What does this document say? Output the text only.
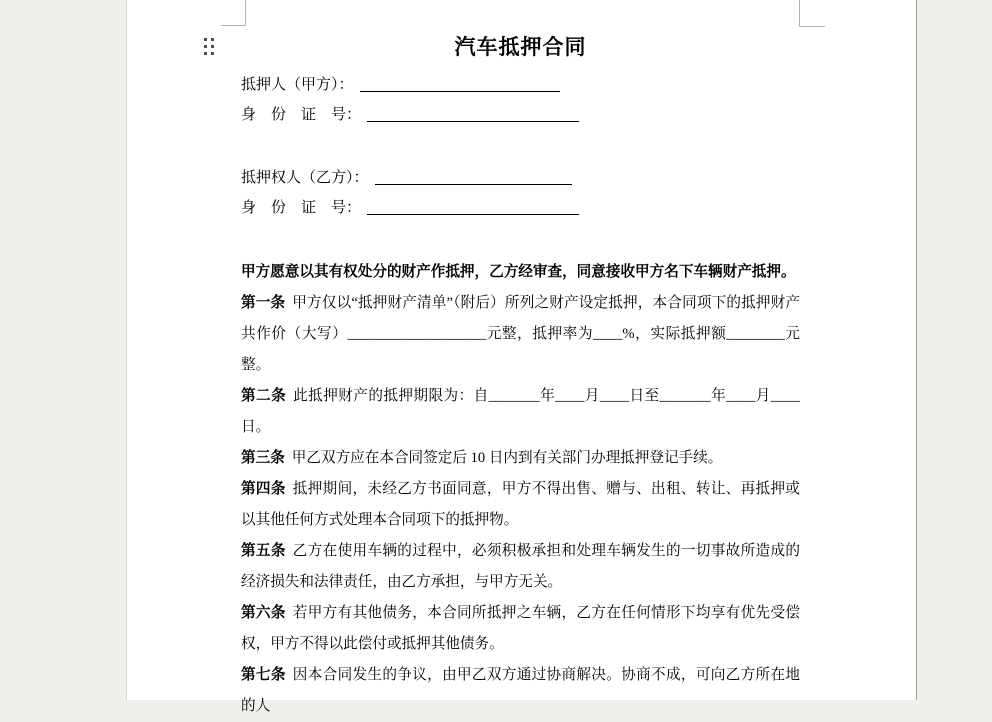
汽车抵押合同
抵押人（甲方）：
身　份　证　号：
抵押权人（乙方）：
身　份　证　号：

甲方愿意以其有权处分的财产作抵押，乙方经审查，同意接收甲方名下车辆财产抵押。

第一条 甲方仅以“抵押财产清单”（附后）所列之财产设定抵押，本合同项下的抵押财产共作价（大写）___________________元整，抵押率为____%，实际抵押额________元整。

第二条 此抵押财产的抵押期限为：自_______年____月____日至_______年____月____日。

第三条 甲乙双方应在本合同签定后 10 日内到有关部门办理抵押登记手续。

第四条 抵押期间，未经乙方书面同意，甲方不得出售、赠与、出租、转让、再抵押或以其他任何方式处理本合同项下的抵押物。

第五条 乙方在使用车辆的过程中，必须积极承担和处理车辆发生的一切事故所造成的经济损失和法律责任，由乙方承担，与甲方无关。

第六条 若甲方有其他债务，本合同所抵押之车辆，乙方在任何情形下均享有优先受偿权，甲方不得以此偿付或抵押其他债务。

第七条 因本合同发生的争议，由甲乙双方通过协商解决。协商不成，可向乙方所在地的人
